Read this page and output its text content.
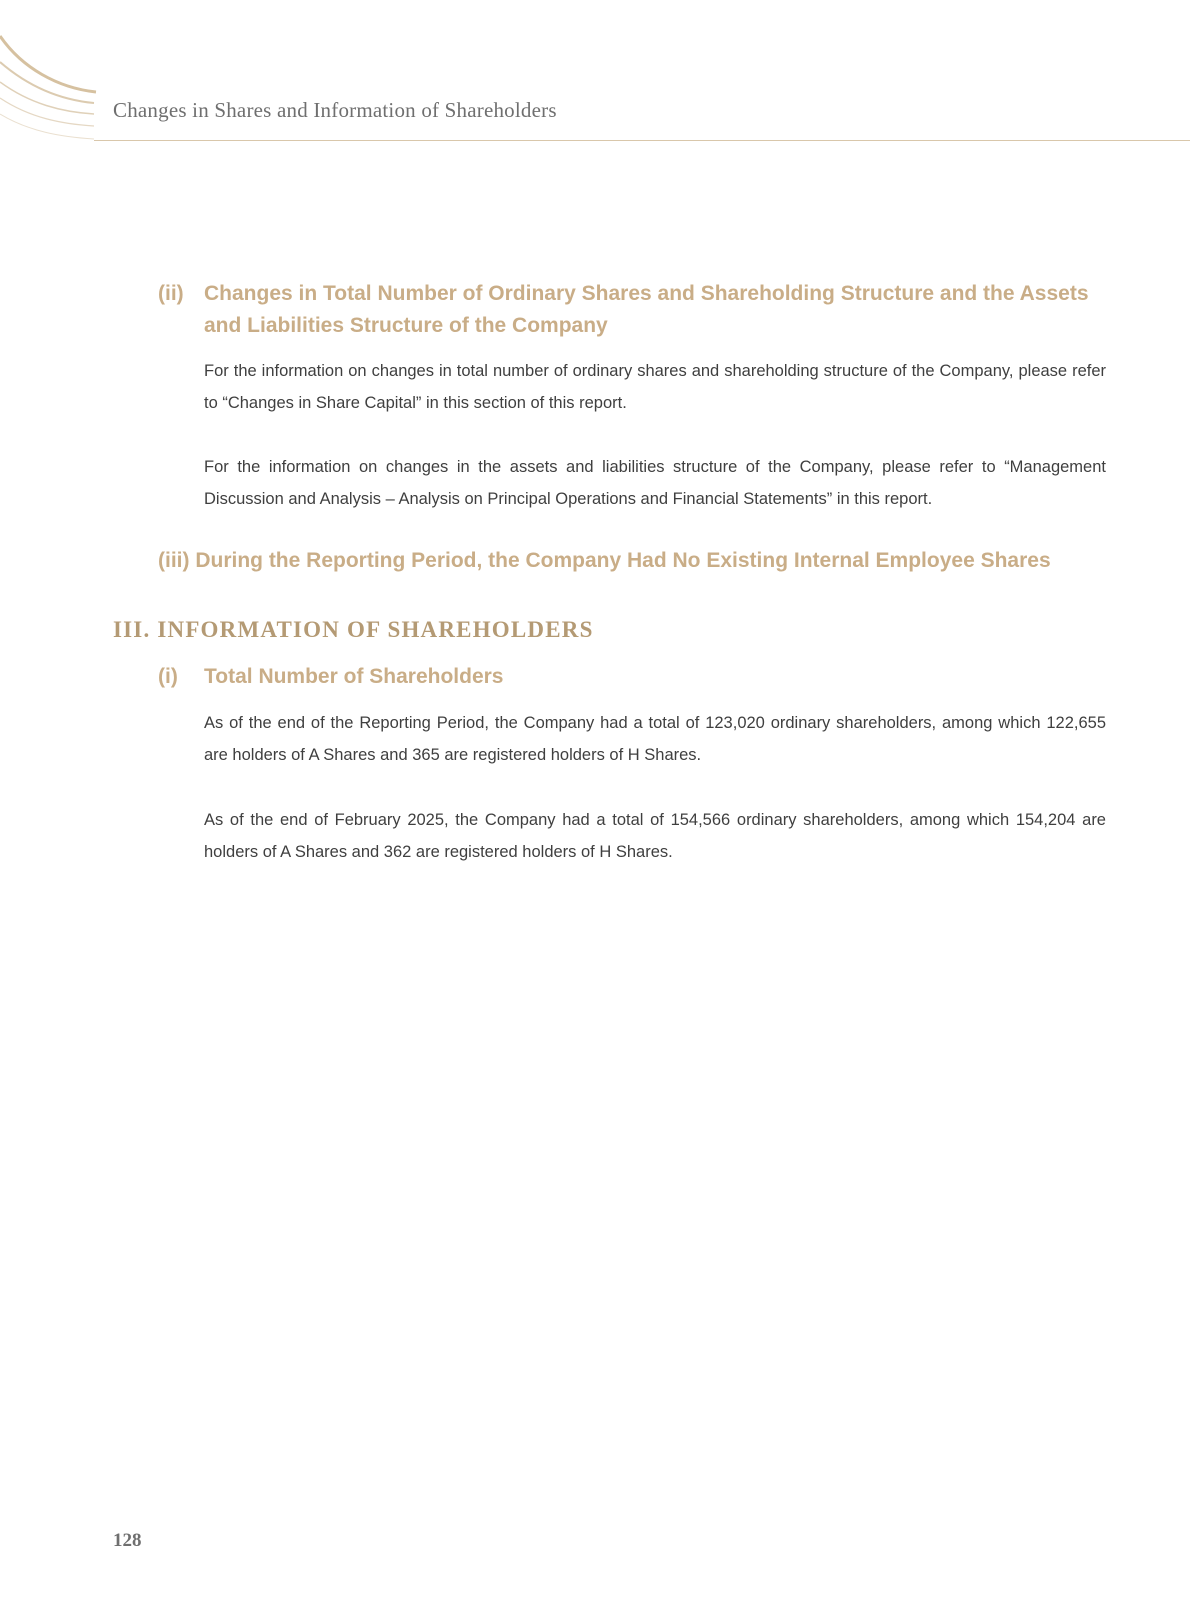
Changes in Shares and Information of Shareholders
(ii) Changes in Total Number of Ordinary Shares and Shareholding Structure and the Assets and Liabilities Structure of the Company

For the information on changes in total number of ordinary shares and shareholding structure of the Company, please refer to “Changes in Share Capital” in this section of this report.

For the information on changes in the assets and liabilities structure of the Company, please refer to “Management Discussion and Analysis – Analysis on Principal Operations and Financial Statements” in this report.

(iii) During the Reporting Period, the Company Had No Existing Internal Employee Shares
III. INFORMATION OF SHAREHOLDERS
(i)	Total Number of Shareholders

As of the end of the Reporting Period, the Company had a total of 123,020 ordinary shareholders, among which 122,655 are holders of A Shares and 365 are registered holders of H Shares.

As of the end of February 2025, the Company had a total of 154,566 ordinary shareholders, among which 154,204 are holders of A Shares and 362 are registered holders of H Shares.

128
